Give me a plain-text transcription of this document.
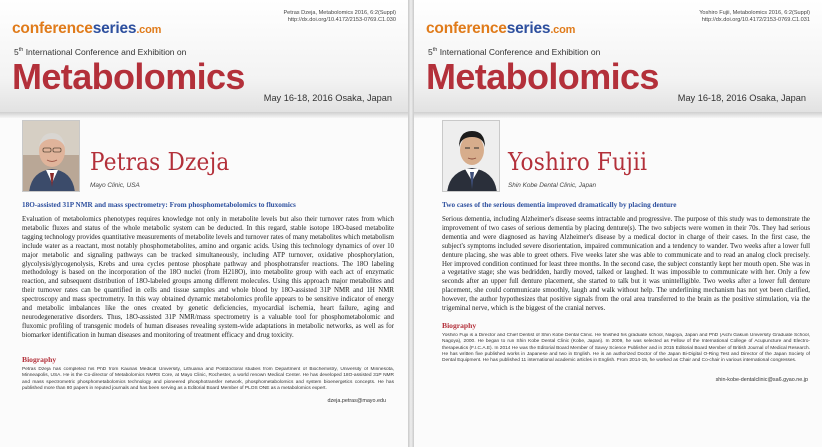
conferenceseries.com
Petras Dzeja, Metabolomics 2016, 6:2(Suppl)
http://dx.doi.org/10.4172/2153-0769.C1.030
5th International Conference and Exhibition on
Metabolomics
May 16-18, 2016 Osaka, Japan
Petras Dzeja
Mayo Clinic, USA
18O-assisted 31P NMR and mass spectrometry: From phosphometabolomics to fluxomics
Evaluation of metabolomics phenotypes requires knowledge not only in metabolite levels but also their turnover rates from which metabolic fluxes and status of the whole metabolic system can be deducted. In this regard, stable isotope 18O-based metabolite tagging technology provides quantitative measurements of metabolite levels and turnover rates of many metabolites which metabolism include water as a reactant, most notably phosphometabolites, amino and organic acids. Using this technology dynamics of over 10 major metabolic and signaling pathways can be tracked simultaneously, including ATP turnover, oxidative phosphorylation, glycolysis/glycogenolysis, Krebs and urea cycles pentose phosphate pathway and phosphotransfer reactions. The 18O labeling methodology is based on the incorporation of the 18O nuclei (from H218O), into metabolite group with each act of enzymatic reaction, and subsequent distribution of 18O-labeled groups among different molecules. Using this approach major metabolites and their turnover rates can be quantified in cells and tissue samples and whole blood by 18O-assisted 31P NMR and 1H NMR spectroscopy and mass spectrometry. In this way obtained dynamic metabolomics profile appears to be sensitive indicator of energy and metabolic imbalances like the ones created by genetic deficiencies, myocardial ischemia, heart failure, aging and neurodegenerative disorders. Thus, 18O-assisted 31P NMR/mass spectrometry is a valuable tool for phosphometabolomic and fluxomic profiling of transgenic models of human diseases revealing system-wide adaptations in metabolic networks, as well as for biomarker identification in human diseases and monitoring of treatment efficacy and drug toxicity.
Biography
Petras Dzeja has completed his PhD from Kaunas Medical University, Lithuania and Postdoctoral studies from Department of Biochemistry, University of Minnesota, Minneapolis, USA. He is the Co-director of Metabolomics NMRS Core, at Mayo Clinic, Rochester, a world renown Medical Center. He has developed 18O-assisted 31P NMR and mass spectrometric phosphometabolomics technology and pioneered phosphotransfer network, phosphometabolomics and system bioenergetics concepts. He has published more than 80 papers in reputed journals and has been serving as a Editorial Board Member of PLOS ONE as a metabolomics expert.
dzeja.petras@mayo.edu
conferenceseries.com
Yoshiro Fujii, Metabolomics 2016, 6:2(Suppl)
http://dx.doi.org/10.4172/2153-0769.C1.031
5th International Conference and Exhibition on
Metabolomics
May 16-18, 2016 Osaka, Japan
Yoshiro Fujii
Shin Kobe Dental Clinic, Japan
Two cases of the serious dementia improved dramatically by placing denture
Serious dementia, including Alzheimer's disease seems intractable and progressive. The purpose of this study was to demonstrate the improvement of two cases of serious dementia by placing denture(s). The two subjects were women in their 70s. They had serious dementia and were diagnosed as having Alzheimer's disease by a medical doctor in charge of their cases. In the first case, the subject's symptoms included severe disorientation, impaired communication and a tendency to wander. Two weeks after a lower full denture placing, she was able to greet others. Five weeks later she was able to communicate and to read an analog clock precisely. Her improved condition continued for least three months. In the second case, the subject constantly kept her mouth open. She was in a vegetative stage; she was bedridden, hardly moved, talked or laughed. It was impossible to communicate with her. Only a few seconds after an upper full denture placement, she started to talk but it was unintelligible. Two weeks after a lower full denture placement, she could communicate smoothly, laugh and walk without help. The underlining mechanism has not yet been clarified, however, the author hypothesizes that positive signals from the oral area transferred to the brain as the positive stimulation, via the trigeminal nerve, which is the biggest of the cranial nerves.
Biography
Yoshiro Fujii is a Director and Chief Dentist of Shin Kobe Dental Clinic. He finished his graduate school, Nagoya, Japan and PhD (Aichi Gakuin University Graduate School, Nagoya), 2000. He began to run Shin Kobe Dental Clinic (Kobe, Japan). In 2009, he was selected as Fellow of the International College of Acupuncture and Electro-therapeutics (F.I.C.A.E). In 2014 He was the Editorial Board Member of Savvy Science Publisher and in 2015 Editorial Board Member of British Journal of Medical Research. He has written five published works in Japanese and two in English. He is an authorized Doctor of the Japan Bi-Digital O-Ring Test and Director of the Japan Society of Dental Equipment. He has published 11 international academic articles in English. From 2014-15, he worked as Chair and Co-chair in various international congresses.
shin-kobe-dentalclinic@sa6.gyao.ne.jp
